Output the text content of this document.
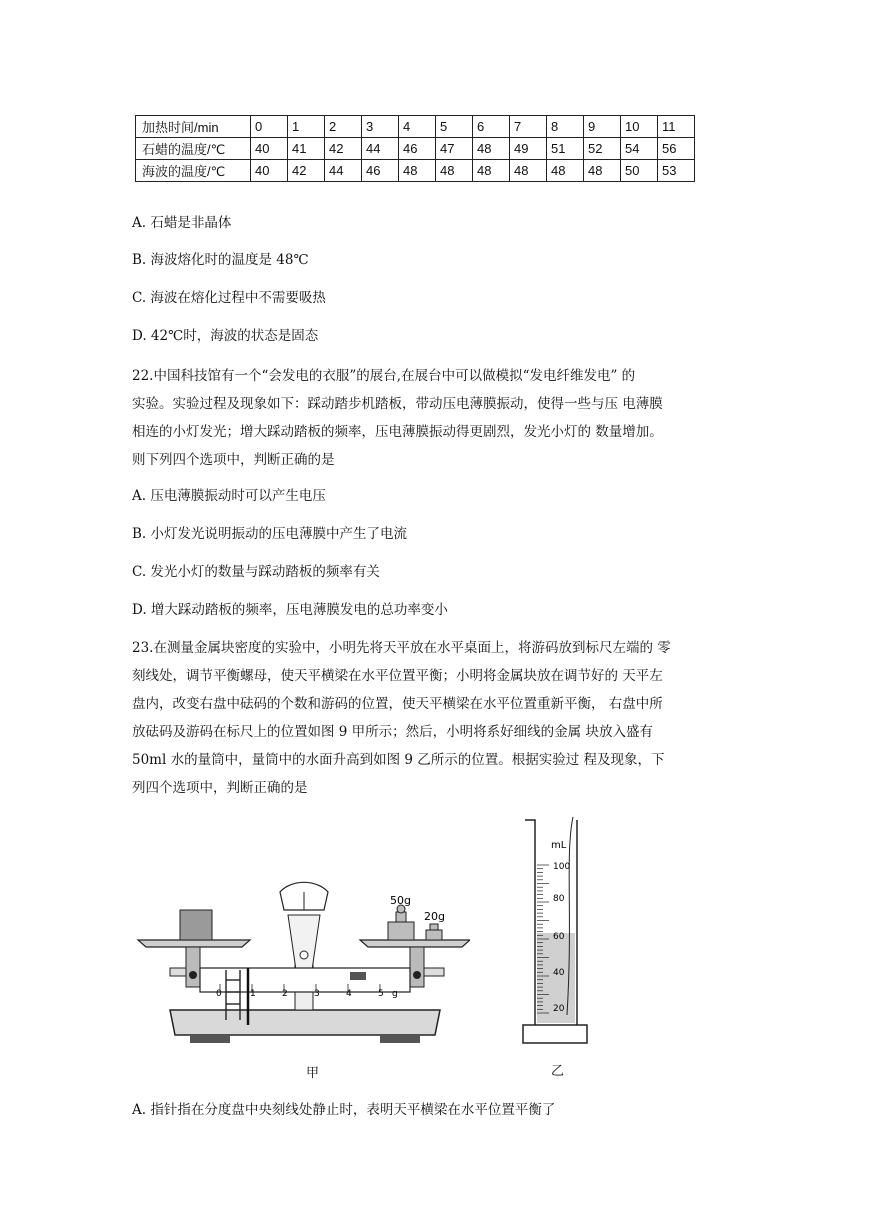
加热时间/min	0	1	2	3	4	5	6	7	8	9	10	11
石蜡的温度/℃	40	41	42	44	46	47	48	49	51	52	54	56
海波的温度/℃	40	42	44	46	48	48	48	48	48	48	50	53
A. 石蜡是非晶体
B. 海波熔化时的温度是 48℃
C. 海波在熔化过程中不需要吸热
D. 42℃时，海波的状态是固态
22.中国科技馆有一个“会发电的衣服”的展台,在展台中可以做模拟“发电纤维发电” 的
实验。实验过程及现象如下：踩动踏步机踏板，带动压电薄膜振动，使得一些与压 电薄膜
相连的小灯发光；增大踩动踏板的频率，压电薄膜振动得更剧烈，发光小灯的 数量增加。
则下列四个选项中，判断正确的是
A. 压电薄膜振动时可以产生电压
B. 小灯发光说明振动的压电薄膜中产生了电流
C. 发光小灯的数量与踩动踏板的频率有关
D. 增大踩动踏板的频率，压电薄膜发电的总功率变小
23.在测量金属块密度的实验中，小明先将天平放在水平桌面上，将游码放到标尺左端的 零
刻线处，调节平衡螺母，使天平横梁在水平位置平衡；小明将金属块放在调节好的 天平左
盘内，改变右盘中砝码的个数和游码的位置，使天平横梁在水平位置重新平衡， 右盘中所
放砝码及游码在标尺上的位置如图 9 甲所示；然后，小明将系好细线的金属 块放入盛有
50ml 水的量筒中，量筒中的水面升高到如图 9 乙所示的位置。根据实验过 程及现象，下
列四个选项中，判断正确的是
0	1	2	3	4	5 g
50g
20g
甲
mL
100
80
60
40
20
乙
A. 指针指在分度盘中央刻线处静止时，表明天平横梁在水平位置平衡了
